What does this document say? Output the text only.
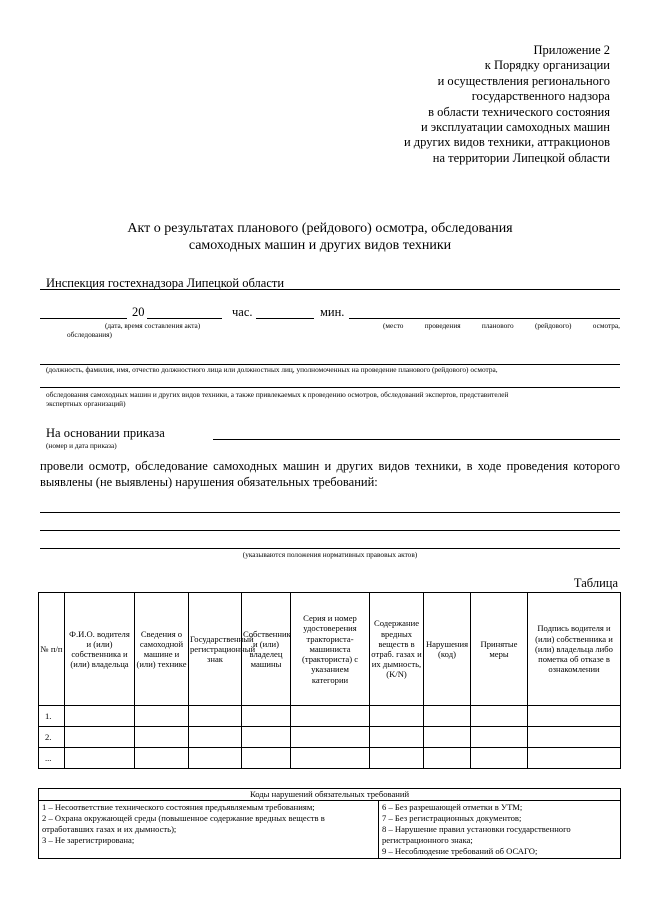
Приложение 2
к Порядку организации
и осуществления регионального
государственного надзора
в области технического состояния
и эксплуатации самоходных машин
и других видов техники, аттракционов
на территории Липецкой области
Акт о результатах планового (рейдового) осмотра, обследования
самоходных машин и других видов техники
Инспекция гостехнадзора Липецкой области
20	час.	мин.
(дата, время составления акта)	(место проведения планового (рейдового) осмотра,
обследования)
(должность, фамилия, имя, отчество должностного лица или должностных лиц, уполномоченных на проведение планового (рейдового) осмотра,
обследования самоходных машин и других видов техники, а также привлекаемых к проведению осмотров, обследований экспертов, представителей
экспертных организаций)
На основании приказа
(номер и дата приказа)
провели осмотр, обследование самоходных машин и других видов техники, в ходе проведения которого выявлены (не выявлены) нарушения обязательных требований:
(указываются положения нормативных правовых актов)
Таблица
№ п/п	Ф.И.О. водителя и (или) собственника и (или) владельца	Сведения о самоходной машине и (или) технике	Государственный регистрационный знак	Собственник и (или) владелец машины	Серия и номер удостоверения тракториста-машиниста (тракториста) с указанием категории	Содержание вредных веществ в отраб. газах и их дымность, (K/N)	Нарушения (код)	Принятые меры	Подпись водителя и (или) собственника и (или) владельца либо пометка об отказе в ознакомлении
1.									
2.									
...									
Коды нарушений обязательных требований

1 – Несоответствие технического состояния предъявляемым требованиям;
2 – Охрана окружающей среды (повышенное содержание вредных веществ в отработавших газах и их дымность);
3 – Не зарегистрирована;

6 – Без разрешающей отметки в УТМ;
7 – Без регистрационных документов;
8 – Нарушение правил установки государственного регистрационного знака;
9 – Несоблюдение требований об ОСАГО;
